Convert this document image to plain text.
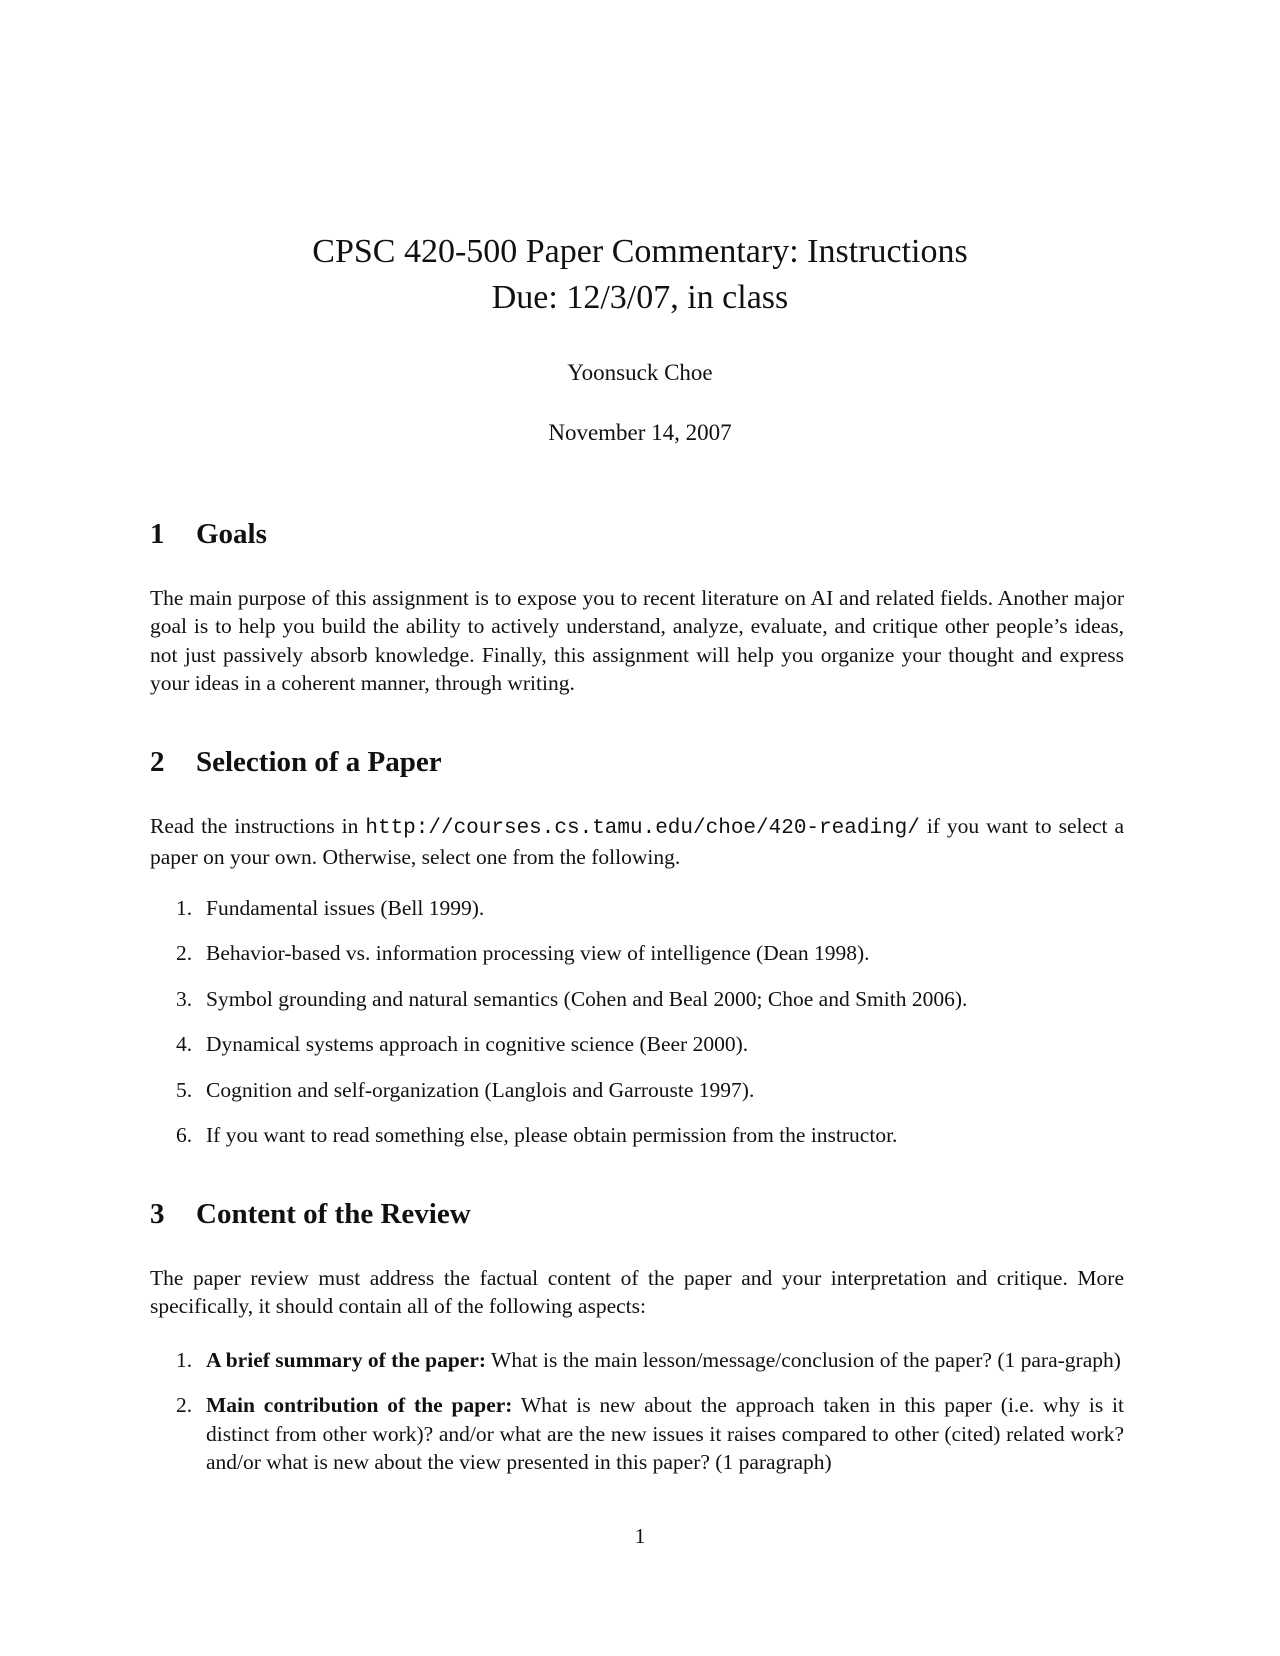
CPSC 420-500 Paper Commentary: Instructions
Due: 12/3/07, in class
Yoonsuck Choe
November 14, 2007
1	Goals
The main purpose of this assignment is to expose you to recent literature on AI and related fields. Another major goal is to help you build the ability to actively understand, analyze, evaluate, and critique other people’s ideas, not just passively absorb knowledge. Finally, this assignment will help you organize your thought and express your ideas in a coherent manner, through writing.
2	Selection of a Paper
Read the instructions in http://courses.cs.tamu.edu/choe/420-reading/ if you want to select a paper on your own. Otherwise, select one from the following.
1. Fundamental issues (Bell 1999).
2. Behavior-based vs. information processing view of intelligence (Dean 1998).
3. Symbol grounding and natural semantics (Cohen and Beal 2000; Choe and Smith 2006).
4. Dynamical systems approach in cognitive science (Beer 2000).
5. Cognition and self-organization (Langlois and Garrouste 1997).
6. If you want to read something else, please obtain permission from the instructor.
3	Content of the Review
The paper review must address the factual content of the paper and your interpretation and critique. More specifically, it should contain all of the following aspects:
1. A brief summary of the paper: What is the main lesson/message/conclusion of the paper? (1 para-graph)
2. Main contribution of the paper: What is new about the approach taken in this paper (i.e. why is it distinct from other work)? and/or what are the new issues it raises compared to other (cited) related work? and/or what is new about the view presented in this paper? (1 paragraph)
1
